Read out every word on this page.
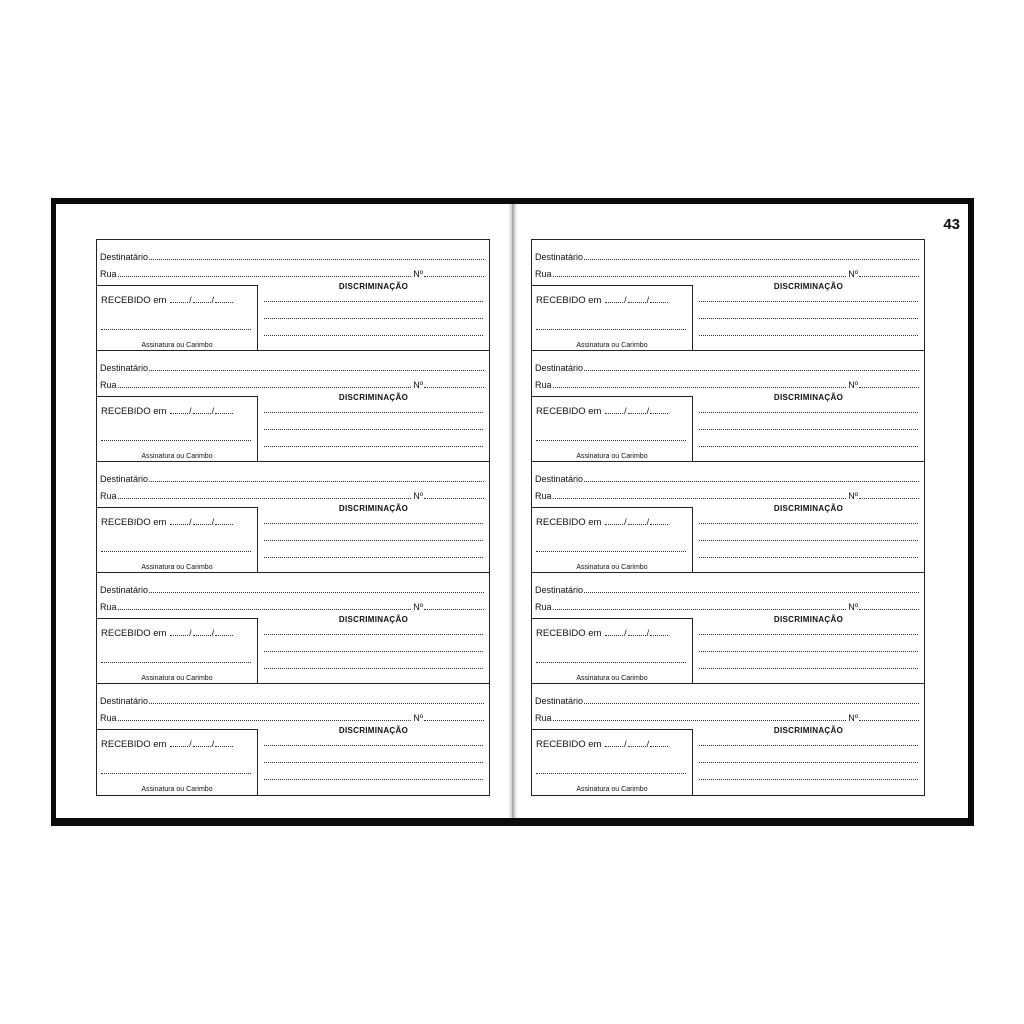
Destinatário
Rua	Nº
RECEBIDO em	/ /
Assinatura ou Carimbo
DISCRIMINAÇÃO
Destinatário
Rua	Nº
RECEBIDO em	/ /
Assinatura ou Carimbo
DISCRIMINAÇÃO
Destinatário
Rua	Nº
RECEBIDO em	/ /
Assinatura ou Carimbo
DISCRIMINAÇÃO
Destinatário
Rua	Nº
RECEBIDO em	/ /
Assinatura ou Carimbo
DISCRIMINAÇÃO
Destinatário
Rua	Nº
RECEBIDO em	/ /
Assinatura ou Carimbo
DISCRIMINAÇÃO
43
Destinatário
Rua	Nº
RECEBIDO em	/ /
Assinatura ou Carimbo
DISCRIMINAÇÃO
Destinatário
Rua	Nº
RECEBIDO em	/ /
Assinatura ou Carimbo
DISCRIMINAÇÃO
Destinatário
Rua	Nº
RECEBIDO em	/ /
Assinatura ou Carimbo
DISCRIMINAÇÃO
Destinatário
Rua	Nº
RECEBIDO em	/ /
Assinatura ou Carimbo
DISCRIMINAÇÃO
Destinatário
Rua	Nº
RECEBIDO em	/ /
Assinatura ou Carimbo
DISCRIMINAÇÃO
